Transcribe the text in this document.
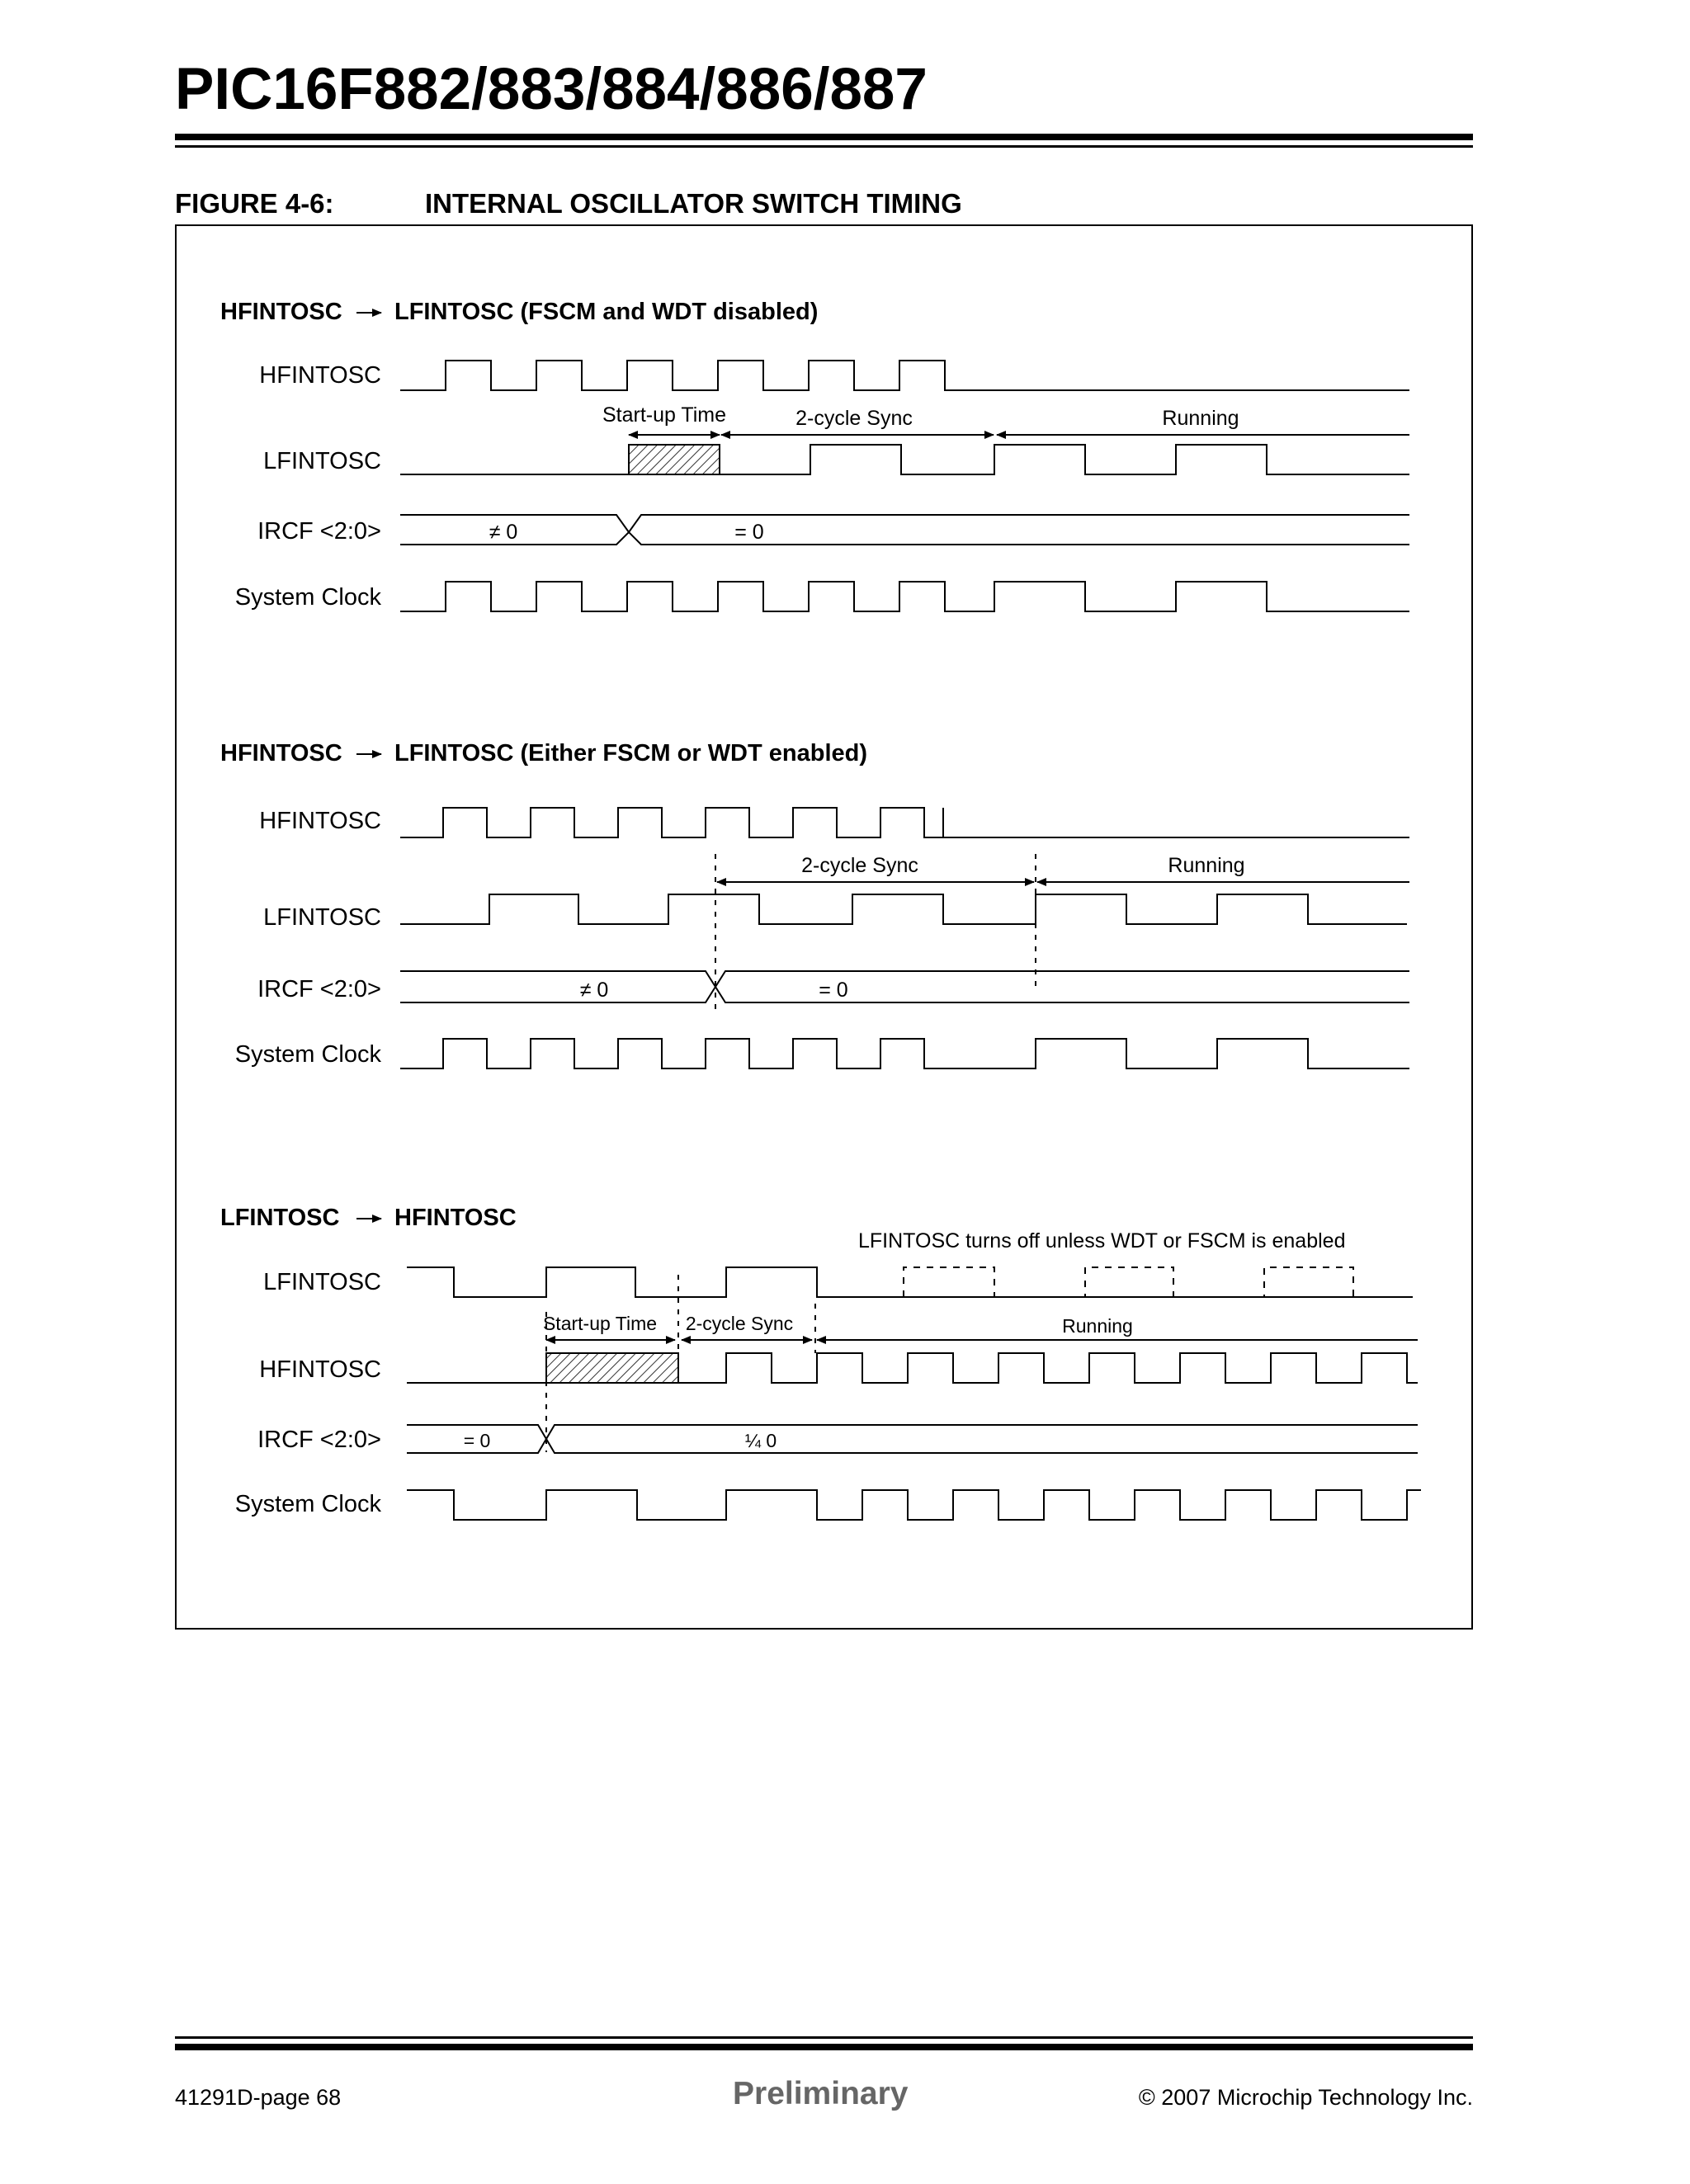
PIC16F882/883/884/886/887
FIGURE 4-6:	INTERNAL OSCILLATOR SWITCH TIMING
HFINTOSC LFINTOSC (FSCM and WDT disabled)
HFINTOSC
LFINTOSC
IRCF <2:0>
System Clock
Start-up Time	2-cycle Sync	Running
≠ 0	= 0
HFINTOSC LFINTOSC (Either FSCM or WDT enabled)
HFINTOSC
LFINTOSC
IRCF <2:0>
System Clock
2-cycle Sync	Running
≠ 0	= 0
LFINTOSC HFINTOSC
LFINTOSC turns off unless WDT or FSCM is enabled
LFINTOSC
HFINTOSC
IRCF <2:0>
System Clock
Start-up Time 2-cycle Sync	Running
= 0	¼ 0
41291D-page 68	Preliminary	© 2007 Microchip Technology Inc.
